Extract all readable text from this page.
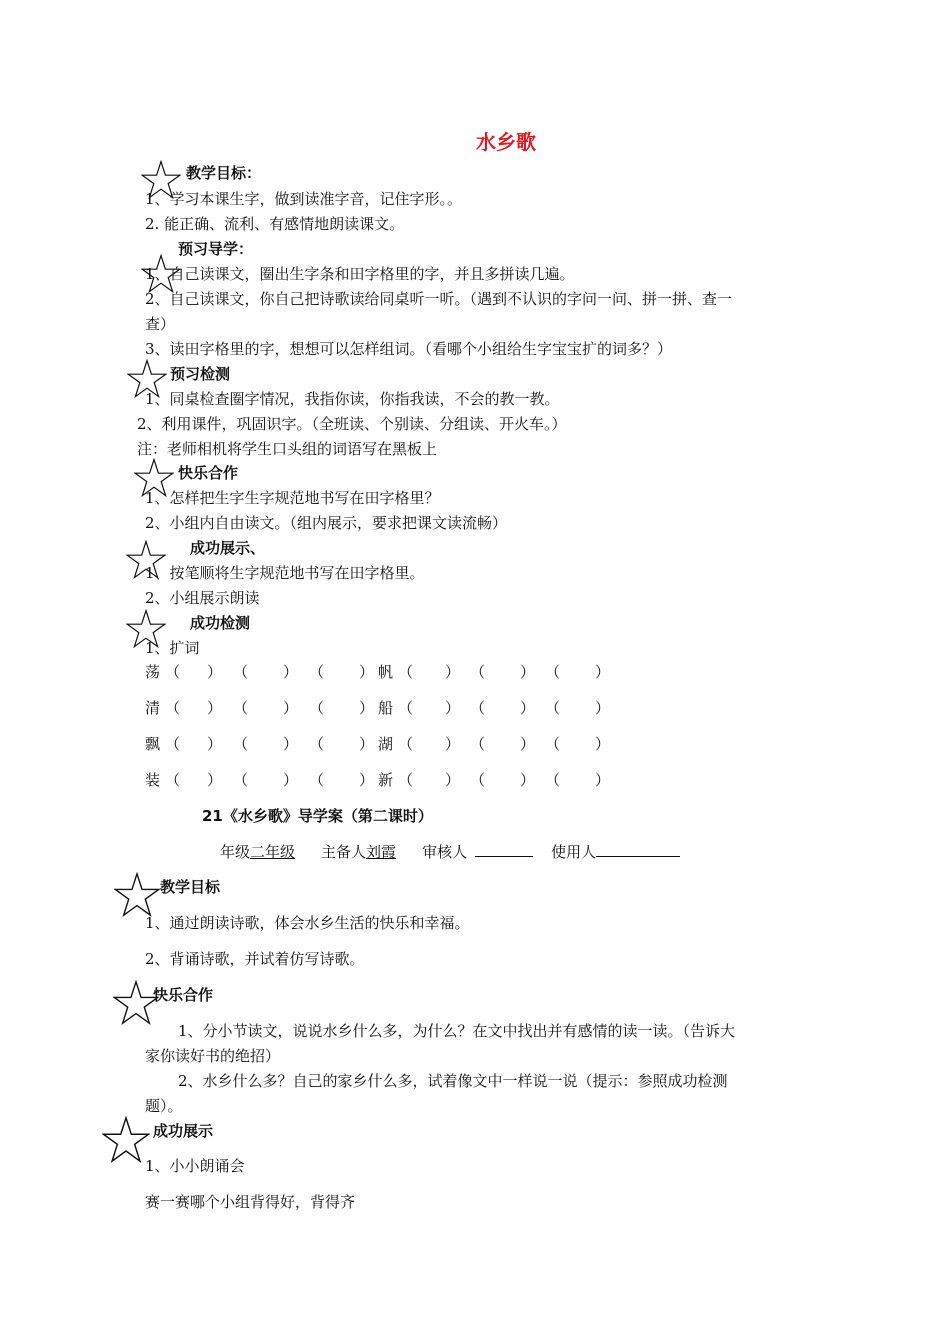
水乡歌
教学目标：
1、学习本课生字，做到读准字音，记住字形。。
2. 能正确、流利、有感情地朗读课文。
预习导学：
1、自己读课文，圈出生字条和田字格里的字，并且多拼读几遍。
2、自己读课文，你自己把诗歌读给同桌听一听。（遇到不认识的字问一问、拼一拼、查一
查）
3、读田字格里的字，想想可以怎样组词。（看哪个小组给生字宝宝扩的词多？）
预习检测
1、同桌检查圈字情况，我指你读，你指我读，不会的教一教。
2、利用课件，巩固识字。（全班读、个别读、分组读、开火车。）
注：老师相机将学生口头组的词语写在黑板上
快乐合作
1、怎样把生字生字规范地书写在田字格里？
2、小组内自由读文。（组内展示，要求把课文读流畅）
成功展示、
1、按笔顺将生字规范地书写在田字格里。
2、小组展示朗读
成功检测
1、扩词
荡 （ ） （ ） （ ） 帆 （ ） （ ） （ ）
清 （ ） （ ） （ ） 船 （ ） （ ） （ ）
飘 （ ） （ ） （ ） 湖 （ ） （ ） （ ）
装 （ ） （ ） （ ） 新 （ ） （ ） （ ）
21《水乡歌》导学案（第二课时）
年级二年级 主备人刘霞 审核人	使用人
教学目标
1、通过朗读诗歌，体会水乡生活的快乐和幸福。
2、背诵诗歌，并试着仿写诗歌。
快乐合作
1、分小节读文，说说水乡什么多，为什么？在文中找出并有感情的读一读。（告诉大
家你读好书的绝招）
2、水乡什么多？自己的家乡什么多，试着像文中一样说一说（提示：参照成功检测
题）。
成功展示
1、小小朗诵会
赛一赛哪个小组背得好，背得齐
